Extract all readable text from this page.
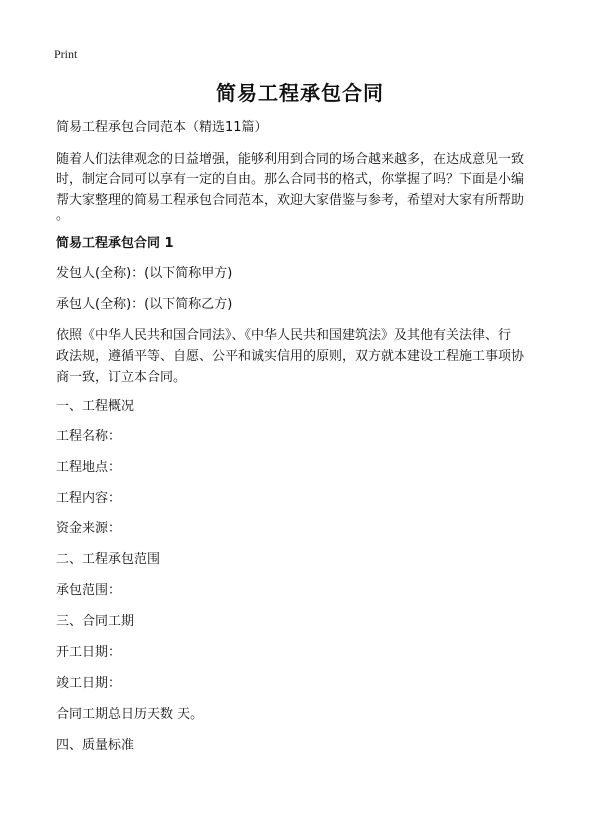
Print
简易工程承包合同
简易工程承包合同范本（精选11篇）
随着人们法律观念的日益增强，能够利用到合同的场合越来越多，在达成意见一致
时，制定合同可以享有一定的自由。那么合同书的格式，你掌握了吗？下面是小编
帮大家整理的简易工程承包合同范本，欢迎大家借鉴与参考，希望对大家有所帮助
。
简易工程承包合同 1
发包人(全称)：(以下简称甲方)
承包人(全称)：(以下简称乙方)
依照《中华人民共和国合同法》、《中华人民共和国建筑法》及其他有关法律、行
政法规，遵循平等、自愿、公平和诚实信用的原则，双方就本建设工程施工事项协
商一致，订立本合同。
一、工程概况
工程名称：
工程地点：
工程内容：
资金来源：
二、工程承包范围
承包范围：
三、合同工期
开工日期：
竣工日期：
合同工期总日历天数 天。
四、质量标准
